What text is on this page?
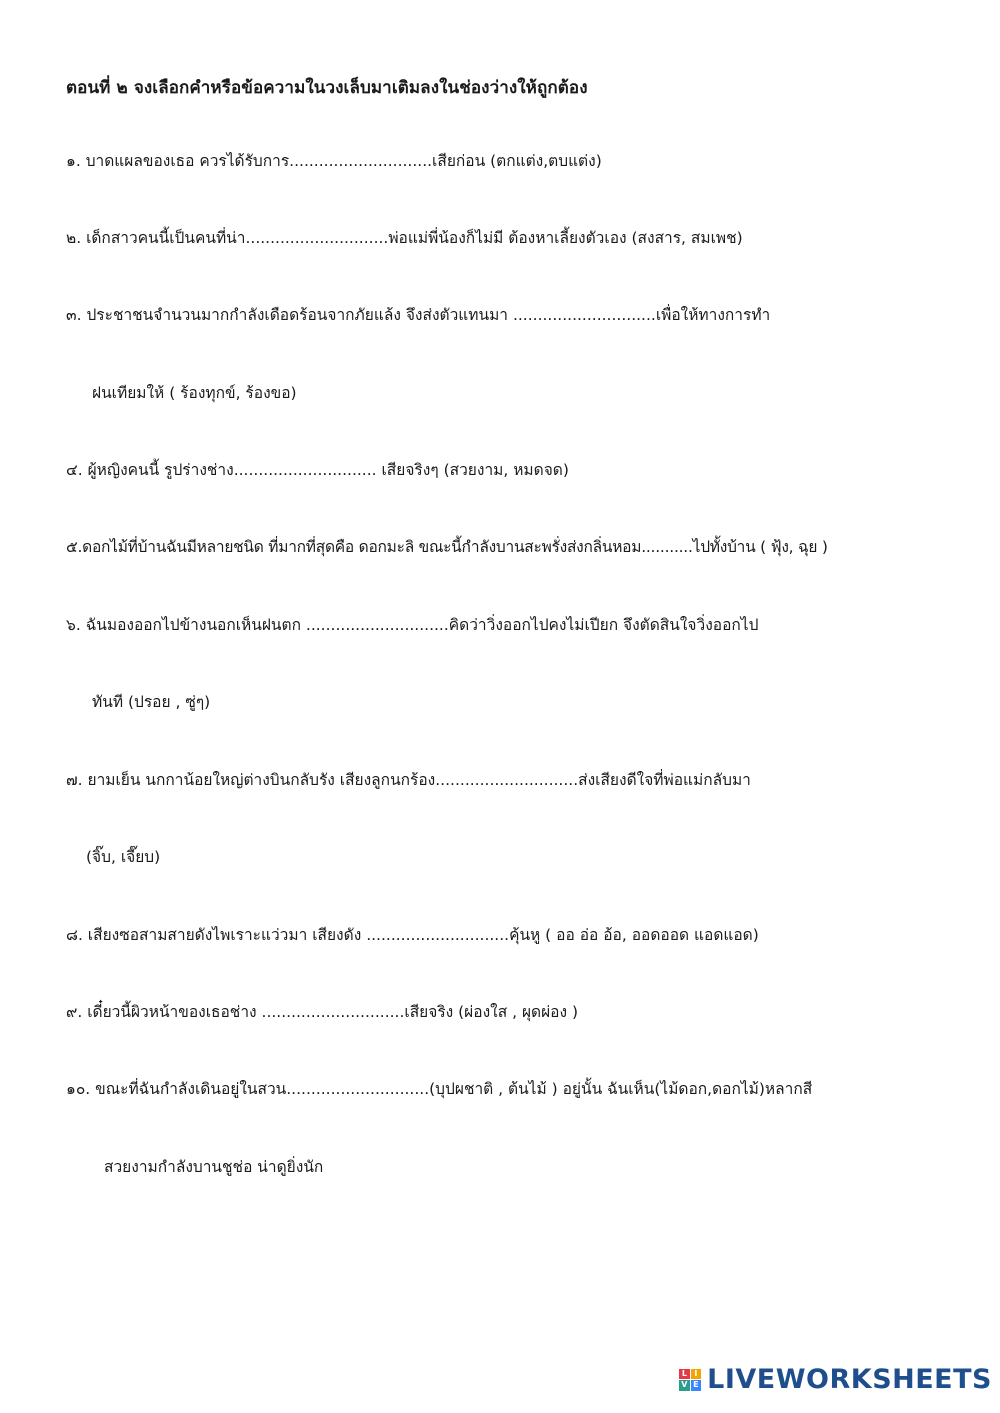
ตอนที่ ๒ จงเลือกคำหรือข้อความในวงเล็บมาเติมลงในช่องว่างให้ถูกต้อง
๑. บาดแผลของเธอ ควรได้รับการ.............................เสียก่อน (ตกแต่ง,ตบแต่ง)
๒. เด็กสาวคนนี้เป็นคนที่น่า.............................พ่อแม่พี่น้องก็ไม่มี ต้องหาเลี้ยงตัวเอง (สงสาร, สมเพช)
๓. ประชาชนจำนวนมากกำลังเดือดร้อนจากภัยแล้ง จึงส่งตัวแทนมา .............................เพื่อให้ทางการทำ
ฝนเทียมให้ ( ร้องทุกข์, ร้องขอ)
๔. ผู้หญิงคนนี้ รูปร่างช่าง............................. เสียจริงๆ (สวยงาม, หมดจด)
๕.ดอกไม้ที่บ้านฉันมีหลายชนิด ที่มากที่สุดคือ ดอกมะลิ ขณะนี้กำลังบานสะพรั่งส่งกลิ่นหอม...........ไปทั้งบ้าน ( ฟุ้ง, ฉุย )
๖. ฉันมองออกไปข้างนอกเห็นฝนตก .............................คิดว่าวิ่งออกไปคงไม่เปียก จึงตัดสินใจวิ่งออกไป
ทันที (ปรอย , ซู่ๆ)
๗. ยามเย็น นกกาน้อยใหญ่ต่างบินกลับรัง เสียงลูกนกร้อง.............................ส่งเสียงดีใจที่พ่อแม่กลับมา
(จิ๊บ, เจี๊ยบ)
๘. เสียงซอสามสายดังไพเราะแว่วมา เสียงดัง .............................คุ้นหู ( ออ อ่อ อ้อ, ออดออด แอดแอด)
๙. เดี๋ยวนี้ผิวหน้าของเธอช่าง .............................เสียจริง (ผ่องใส , ผุดผ่อง )
๑๐. ขณะที่ฉันกำลังเดินอยู่ในสวน.............................(บุปผชาติ , ต้นไม้ ) อยู่นั้น ฉันเห็น(ไม้ดอก,ดอกไม้)หลากสี
สวยงามกำลังบานชูช่อ น่าดูยิ่งนัก
L I
V E LIVEWORKSHEETS
